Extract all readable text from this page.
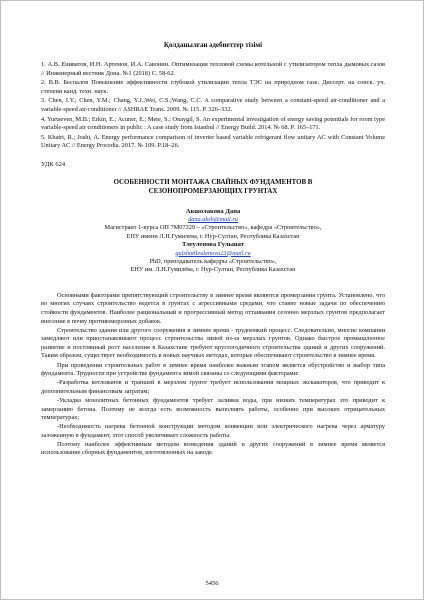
Қолданылған әдебиеттер тізімі

1. А.В. Ениватов, И.Н. Артемов, И.А. Савонин. Оптимизация тепловой схемы котельной с утилизатором тепла дымовых газов // Инженерный вестник Дона. №1 (2018) С. 58-62.

2. В.В. Беспалов Повышение эффективности глубокой утилизации тепла ТЭС на природном газе. Диссерт. на соиск. уч. степени канд. техн. наук.

3. Chen, I.Y.; Chen, Y.M.; Chang, Y.J.;Wei, C.S.;Wang, C.C. A comparative study between a constant-speed air-conditioner and a variable-speed air-conditioner // ASHRAE Trans. 2009. № 115. P. 326–332.

4. Yurtseven, M.B.; Erkin, E.; Acuner, E.; Mete, S.; Onaygil, S. An experimental investigation of energy saving potentials for room type variable-speed air conditioners in public : A case study from Istanbul // Energy Build. 2014. № 68. P. 165–171.

5. Khatri, R.; Joshi, A. Energy performance comparison of inverter based variable refrigerant flow unitary AC with Constant Volume Unitary AC // Energy Procedia. 2017. № 109. P.18–26.

УДК 624

ОСОБЕННОСТИ МОНТАЖА СВАЙНЫХ ФУНДАМЕНТОВ В
СЕЗОНОПРОМЕРЗАЮЩИХ ГРУНТАХ

Акшолакова Дана

dana.aksh@mail.ru

Магистрант 1-курса ОП 7М07329 – «Строительство», кафедра «Строительство»,

ЕНУ имени Л.Н.Гумилева, г. Нур-Султан, Республика Казахстан

Тлеуленова Гульшат

gulshattleulenova23@mail.ru

PhD, преподаватель кафедры «Строительство»,

ЕНУ им. Л.Н.Гумилёва, г. Нур-Султан, Республика Казахстан

Основными факторами препятствующий строительству в зимнее время являются промерзания грунта. Установлено, что во многих случаях строительство ведется в грунтах с агрессивными средами, что ставит новые задачи по обеспечению стойкости фундаментов. Наиболее рациональный и прогрессивный метод оттаивания сезонно мерзлых грунтов предполагает внесение в почву противоморозных добавок.

Строительство здания или другого сооружения в зимнее время - трудоемкий процесс. Следовательно, многие компании замедляют или приостанавливают процесс строительства зимой из-за мерзлых грунтов. Однако быстрое промышленное развитие и постоянный рост населения в Казахстане требуют круглогодичного строительства зданий и других сооружений. Таким образом, существует необходимость в новых научных методах, которые обеспечивают строительство в зимнее время.

При проведении строительных работ в зимнее время наиболее важным этапом является обустройство и выбор типа фундамента. Трудности при устройстве фундамента зимой связаны со следующими факторами:

-Разработка котлованов и траншей в мерзлом грунте требует использования мощных экскаваторов, что приводит к дополнительным финансовым затратам;

-Укладка монолитных бетонных фундаментов требует заливки воды, при низких температурах это приводит к замерзанию бетона. Поэтому не всегда есть возможность выполнять работы, особенно при высоких отрицательных температурах;

-Необходимость нагрева бетонной конструкции методом конвекции или электрического нагрева через арматуру заложенную в фундамент, этот способ увеличивает сложность работы.

Поэтому наиболее эффективным методом возведения зданий и других сооружений в зимнее время является использование сборных фундаментов, изготовленных на заводе.

5456
